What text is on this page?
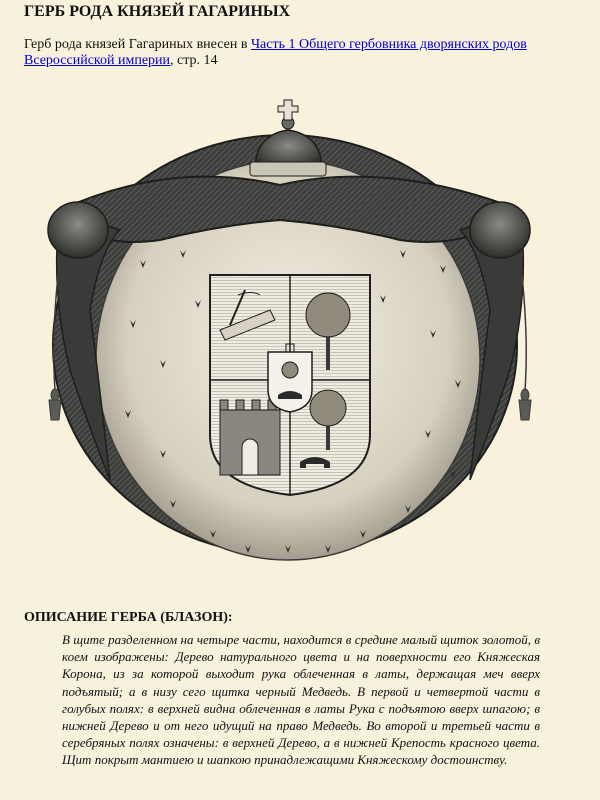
ГЕРБ РОДА КНЯЗЕЙ ГАГАРИНЫХ

Герб рода князей Гагариных внесен в Часть 1 Общего гербовника дворянских родов Всероссийской империи, стр. 14

ОПИСАНИЕ ГЕРБА (БЛАЗОН):

В щите разделенном на четыре части, находится в средине малый щиток золотой, в коем изображены: Дерево натурального цвета и на поверхности его Княжеская Корона, из за которой выходит рука облеченная в латы, держащая меч вверх подъятый; а в низу сего щитка черный Медведь. В первой и четвертой части в голубых полях: в верхней видна облеченная в латы Рука с подъятою вверх шпагою; в нижней Дерево и от него идущий на право Медведь. Во второй и третьей части в серебряных полях означены: в верхней Дерево, а в нижней Крепость красного цвета. Щит покрыт мантиею и шапкою принадлежащими Княжескому достоинству.
